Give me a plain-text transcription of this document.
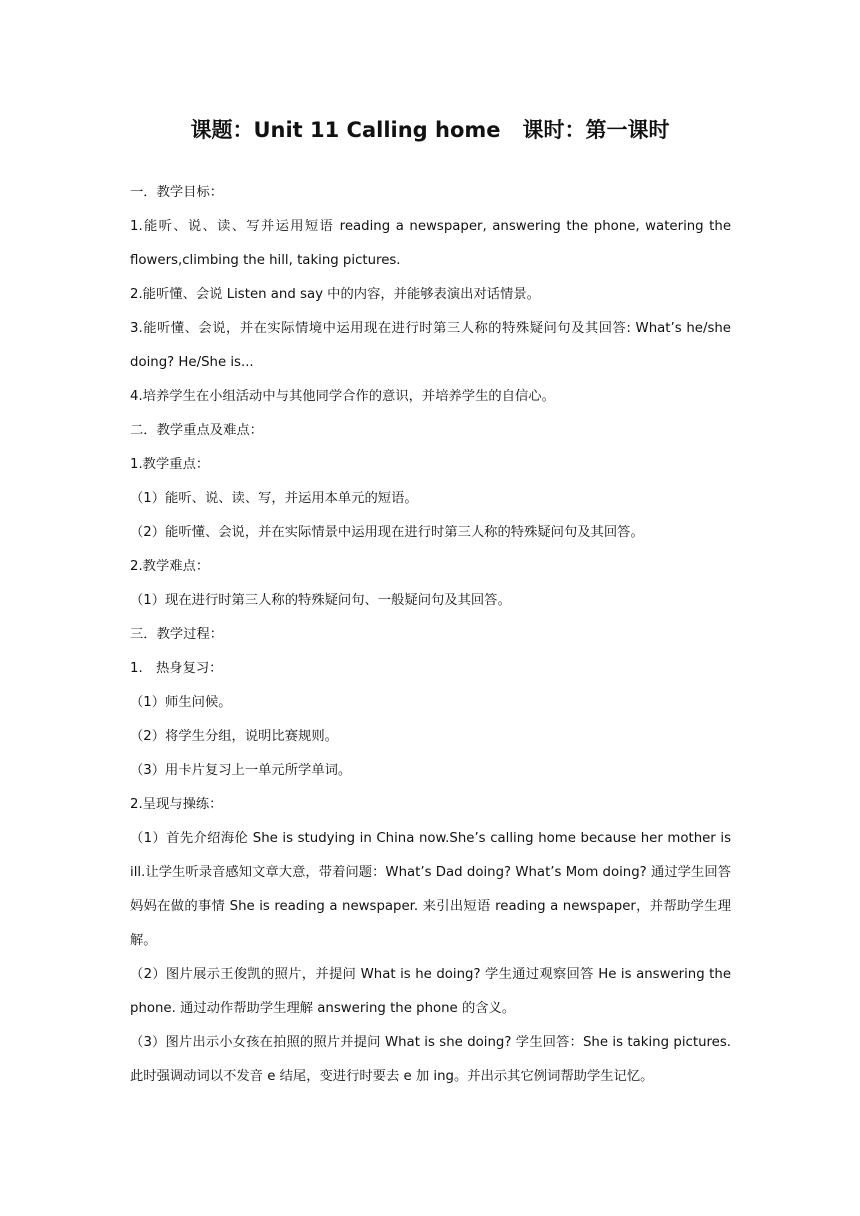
课题：Unit 11 Calling home 课时：第一课时

一．教学目标：

1.能听、说、读、写并运用短语 reading a newspaper, answering the phone, watering the flowers,climbing the hill, taking pictures.

2.能听懂、会说 Listen and say 中的内容，并能够表演出对话情景。

3.能听懂、会说，并在实际情境中运用现在进行时第三人称的特殊疑问句及其回答: What’s he/she doing? He/She is...

4.培养学生在小组活动中与其他同学合作的意识，并培养学生的自信心。

二．教学重点及难点：

1.教学重点：

（1）能听、说、读、写，并运用本单元的短语。

（2）能听懂、会说，并在实际情景中运用现在进行时第三人称的特殊疑问句及其回答。

2.教学难点：

（1）现在进行时第三人称的特殊疑问句、一般疑问句及其回答。

三．教学过程：

1.　热身复习：

（1）师生问候。

（2）将学生分组，说明比赛规则。

（3）用卡片复习上一单元所学单词。

2.呈现与操练：

（1）首先介绍海伦 She is studying in China now.She’s calling home because her mother is ill.让学生听录音感知文章大意，带着问题：What’s Dad doing? What’s Mom doing? 通过学生回答妈妈在做的事情 She is reading a newspaper. 来引出短语 reading a newspaper，并帮助学生理解。

（2）图片展示王俊凯的照片，并提问 What is he doing? 学生通过观察回答 He is answering the phone. 通过动作帮助学生理解 answering the phone 的含义。

（3）图片出示小女孩在拍照的照片并提问 What is she doing? 学生回答：She is taking pictures. 此时强调动词以不发音 e 结尾，变进行时要去 e 加 ing。并出示其它例词帮助学生记忆。
